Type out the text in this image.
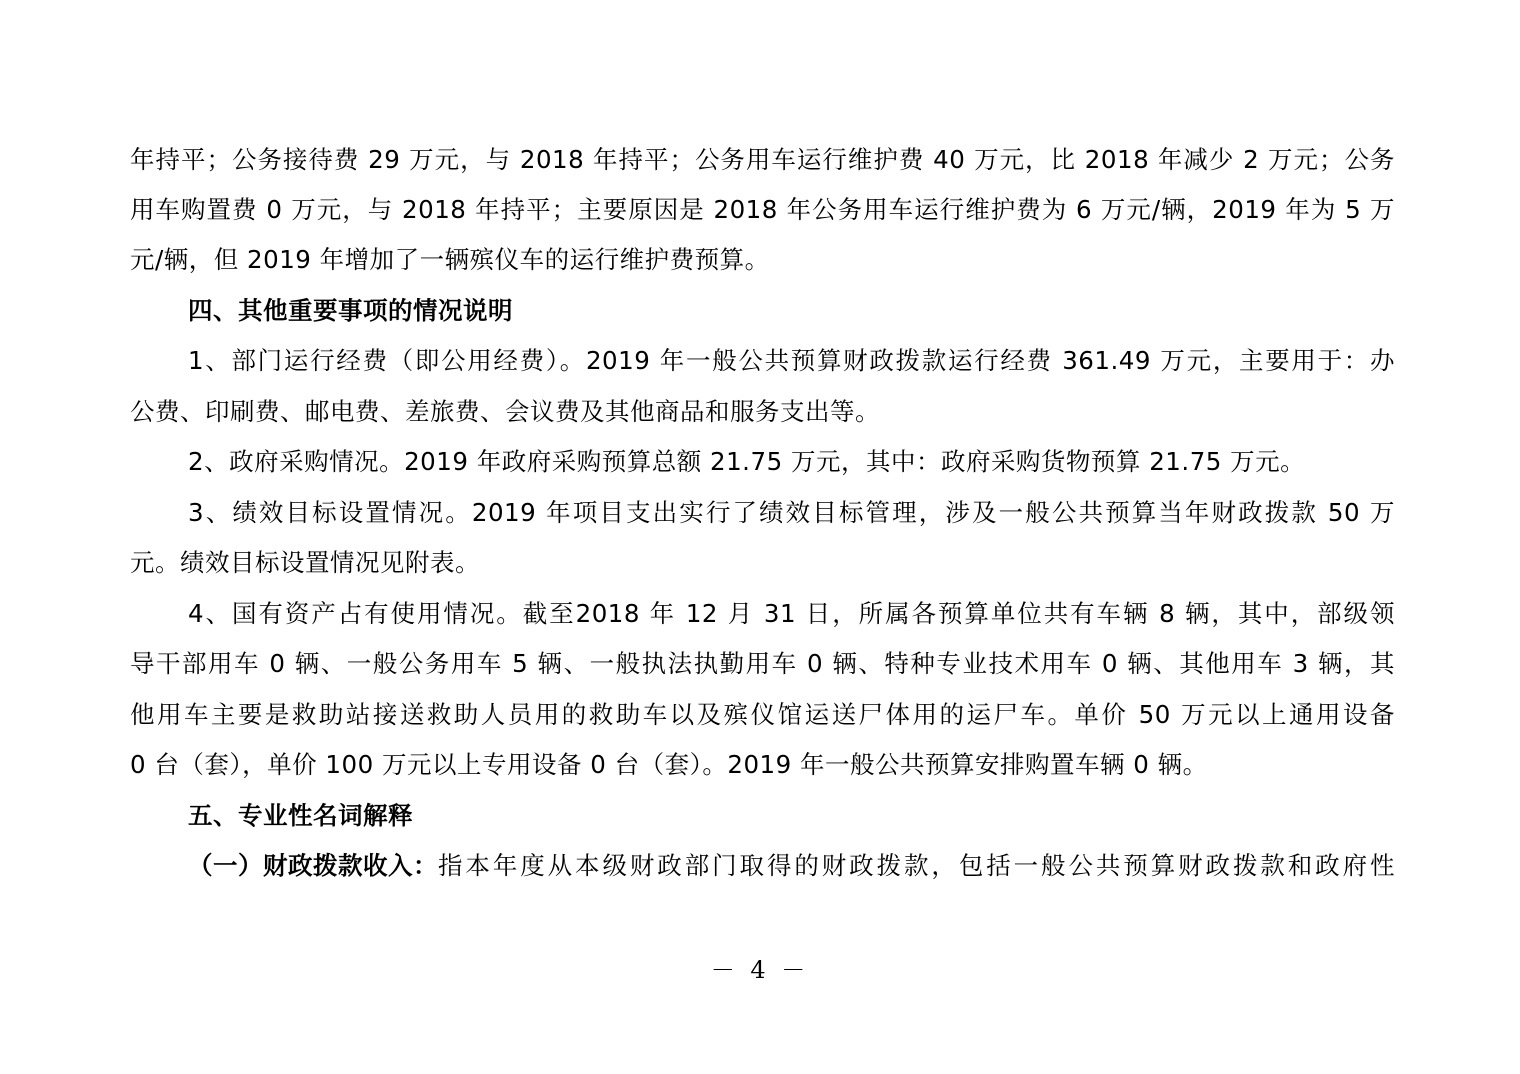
年持平；公务接待费 29 万元，与 2018 年持平；公务用车运行维护费 40 万元，比 2018 年减少 2 万元；公务
用车购置费 0 万元，与 2018 年持平；主要原因是 2018 年公务用车运行维护费为 6 万元/辆，2019 年为 5 万
元/辆，但 2019 年增加了一辆殡仪车的运行维护费预算。
四、其他重要事项的情况说明
1、部门运行经费（即公用经费）。2019 年一般公共预算财政拨款运行经费 361.49 万元，主要用于：办
公费、印刷费、邮电费、差旅费、会议费及其他商品和服务支出等。
2、政府采购情况。2019 年政府采购预算总额 21.75 万元，其中：政府采购货物预算 21.75 万元。
3、绩效目标设置情况。2019 年项目支出实行了绩效目标管理，涉及一般公共预算当年财政拨款 50 万
元。绩效目标设置情况见附表。
4、国有资产占有使用情况。截至2018 年 12 月 31 日，所属各预算单位共有车辆 8 辆，其中，部级领
导干部用车 0 辆、一般公务用车 5 辆、一般执法执勤用车 0 辆、特种专业技术用车 0 辆、其他用车 3 辆，其
他用车主要是救助站接送救助人员用的救助车以及殡仪馆运送尸体用的运尸车。单价 50 万元以上通用设备
0 台（套），单价 100 万元以上专用设备 0 台（套）。2019 年一般公共预算安排购置车辆 0 辆。
五、专业性名词解释
（一）财政拨款收入： 指本年度从本级财政部门取得的财政拨款，包括一般公共预算财政拨款和政府性
－ 4 －
